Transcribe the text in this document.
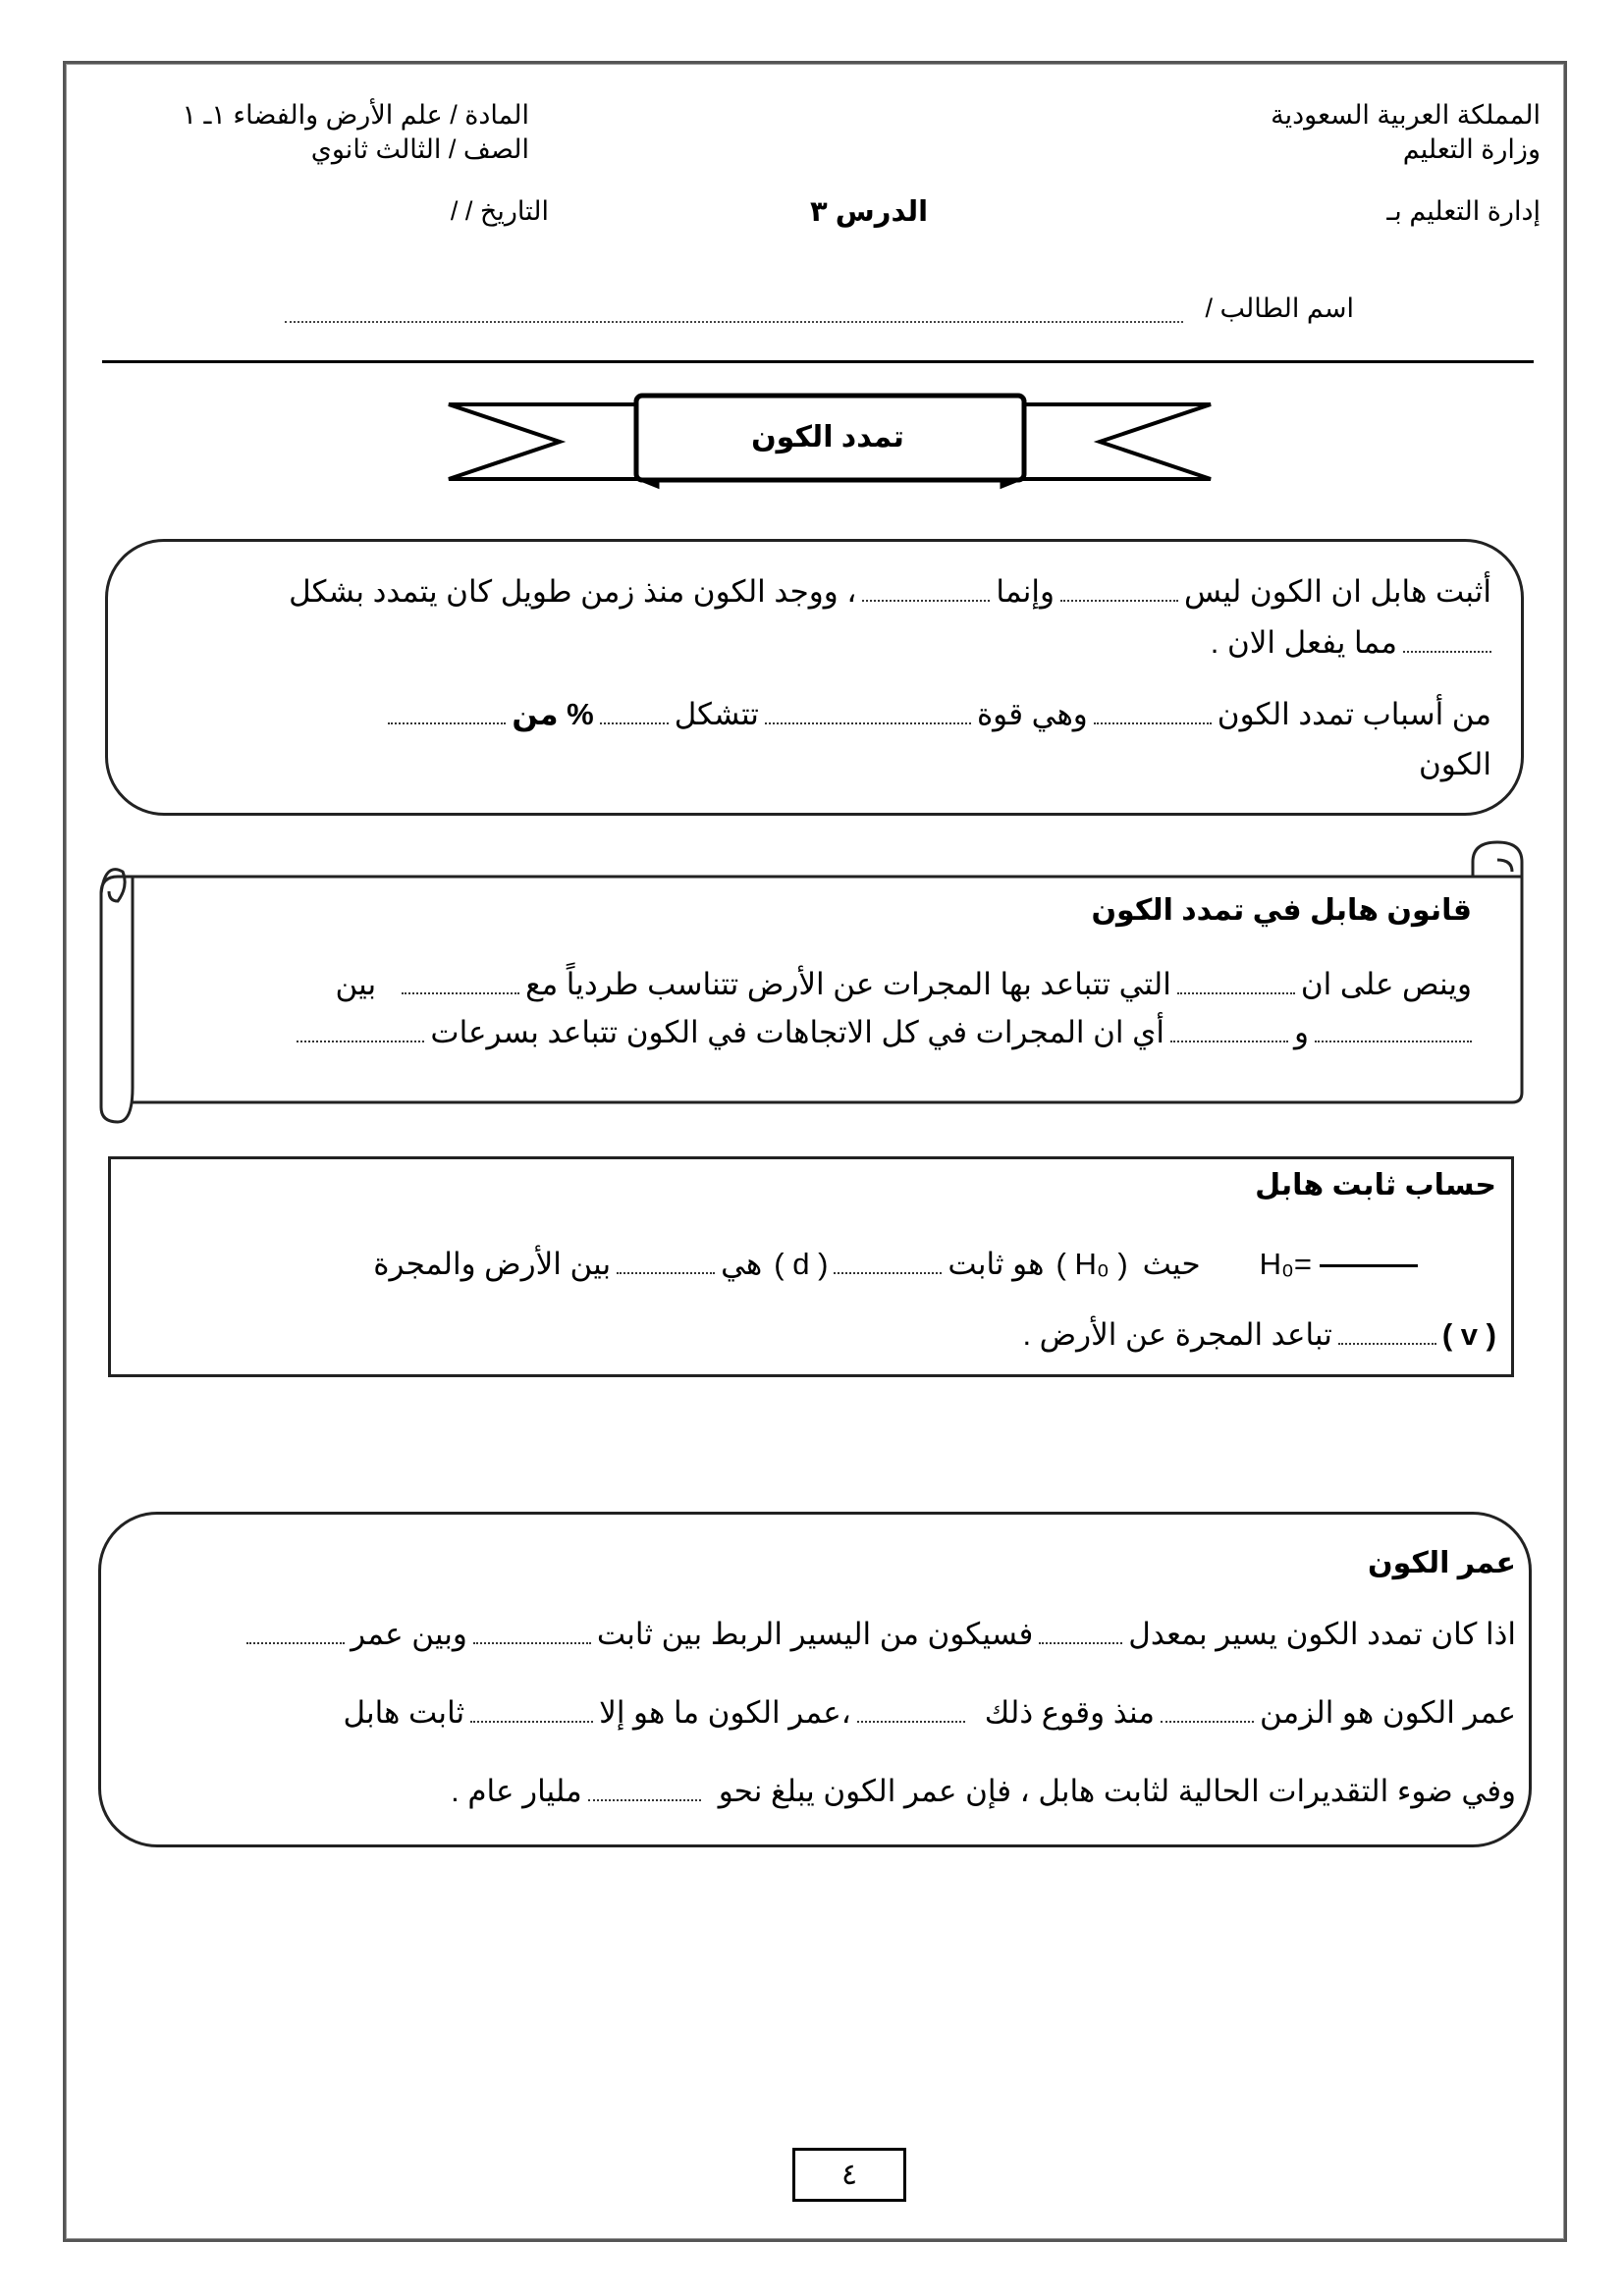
المملكة العربية السعودية
وزارة التعليم
إدارة التعليم بـ
المادة / علم الأرض والفضاء ١ـ ١
الصف / الثالث ثانوي
التاريخ / /	الدرس ٣
اسم الطالب /
تمدد الكون
أثبت هابل ان الكون ليسوإنما، ووجد الكون منذ زمن طويل كان يتمدد بشكل
مما يفعل الان .
من أسباب تمدد الكونوهي قوةتتشكل% من
الكون
قانون هابل في تمدد الكون
وينص على انالتي تتباعد بها المجرات عن الأرض تتناسب طردياً معبين
وأي ان المجرات في كل الاتجاهات في الكون تتباعد بسرعات
حساب ثابت هابل
H₀=حيث( H₀ )هو ثابت( d )هيبين الأرض والمجرة
( v )تباعد المجرة عن الأرض .
عمر الكون
اذا كان تمدد الكون يسير بمعدلفسيكون من اليسير الربط بين ثابتوبين عمر
عمر الكون هو الزمنمنذ وقوع ذلك،عمر الكون ما هو إلاثابت هابل
وفي ضوء التقديرات الحالية لثابت هابل ، فإن عمر الكون يبلغ نحومليار عام .
٤
